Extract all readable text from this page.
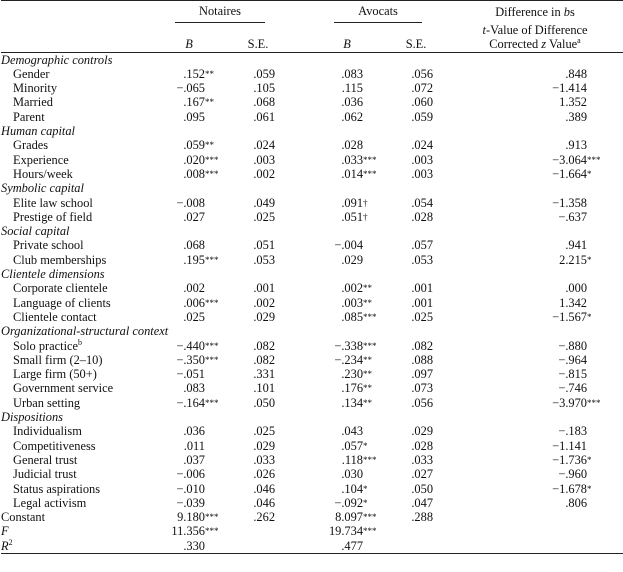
	Notaires			Avocats		Difference in bs
						t-Value of Difference
	B	S.E.		B	S.E.	Corrected z Value$^a$
Demographic controls						
Gender	.152**	.059		.083	.056	.848
Minority	−.065	.105		.115	.072	−1.414
Married	.167**	.068		.036	.060	1.352
Parent	.095	.061		.062	.059	.389
Human capital						
Grades	.059**	.024		.028	.024	.913
Experience	.020***	.003		.033***	.003	−3.064***
Hours/week	.008***	.002		.014***	.003	−1.664*
Symbolic capital						
Elite law school	−.008	.049		.091†	.054	−1.358
Prestige of field	.027	.025		.051†	.028	−.637
Social capital						
Private school	.068	.051		−.004	.057	.941
Club memberships	.195***	.053		.029	.053	2.215*
Clientele dimensions						
Corporate clientele	.002	.001		.002**	.001	.000
Language of clients	.006***	.002		.003**	.001	1.342
Clientele contact	.025	.029		.085***	.025	−1.567*
Organizational-structural context						
Solo practice$^b$	−.440***	.082		−.338***	.082	−.880
Small firm (2–10)	−.350***	.082		−.234**	.088	−.964
Large firm (50+)	−.051	.331		.230**	.097	−.815
Government service	.083	.101		.176**	.073	−.746
Urban setting	−.164***	.050		.134**	.056	−3.970***
Dispositions						
Individualism	.036	.025		.043	.029	−.183
Competitiveness	.011	.029		.057*	.028	−1.141
General trust	.037	.033		.118***	.033	−1.736*
Judicial trust	−.006	.026		.030	.027	−.960
Status aspirations	−.010	.046		.104*	.050	−1.678*
Legal activism	−.039	.046		−.092*	.047	.806
Constant	9.180***	.262		8.097***	.288	
F	11.356***			19.734***		
$R^2$	.330			.477		
